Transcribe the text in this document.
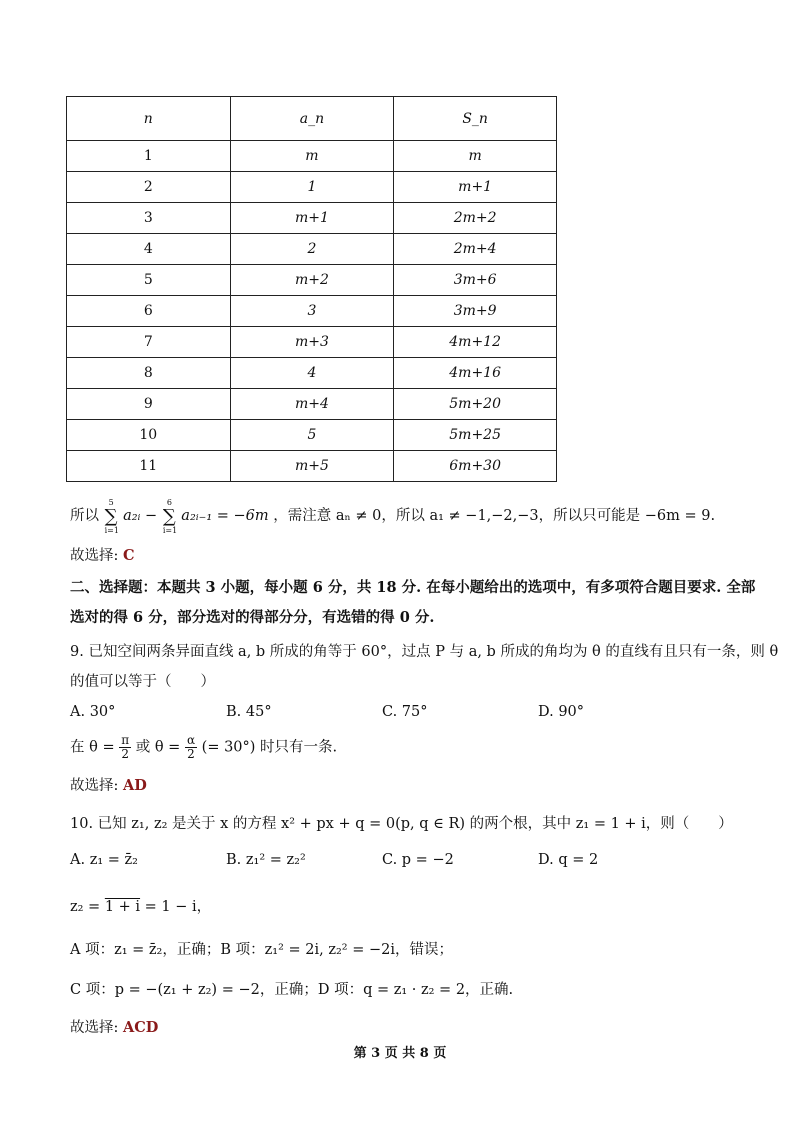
n	a_n	S_n
1	m	m
2	1	m+1
3	m+1	2m+2
4	2	2m+4
5	m+2	3m+6
6	3	3m+9
7	m+3	4m+12
8	4	4m+16
9	m+4	5m+20
10	5	5m+25
11	m+5	6m+30
所以 ∑
5
i=1
a₂ᵢ − ∑
6
i=1
a₂ᵢ₋₁ = −6m ，需注意 aₙ ≠ 0，所以 a₁ ≠ −1,−2,−3，所以只可能是 −6m = 9.
故选择: C
二、选择题：本题共 3 小题，每小题 6 分，共 18 分. 在每小题给出的选项中，有多项符合题目要求. 全部
选对的得 6 分，部分选对的得部分分，有选错的得 0 分.
9. 已知空间两条异面直线 a, b 所成的角等于 60°，过点 P 与 a, b 所成的角均为 θ 的直线有且只有一条，则 θ
的值可以等于（　　）
A. 30°	B. 45°	C. 75°	D. 90°
在 $\theta = \frac{\pi}{2}$ 或 $\theta = \frac{\alpha}{2}$ (= 30°) 时只有一条.
故选择: AD
10. 已知 z₁, z₂ 是关于 x 的方程 x² + px + q = 0(p, q ∈ R) 的两个根，其中 z₁ = 1 + i，则（　　）
A. z₁ = z̄₂	B. z₁² = z₂²	C. p = −2	D. q = 2
z₂ = 1 + i = 1 − i，
A 项：z₁ = z̄₂，正确；B 项：z₁² = 2i, z₂² = −2i，错误；
C 项：p = −(z₁ + z₂) = −2，正确；D 项：q = z₁ · z₂ = 2，正确.
故选择: ACD
第 3 页 共 8 页
